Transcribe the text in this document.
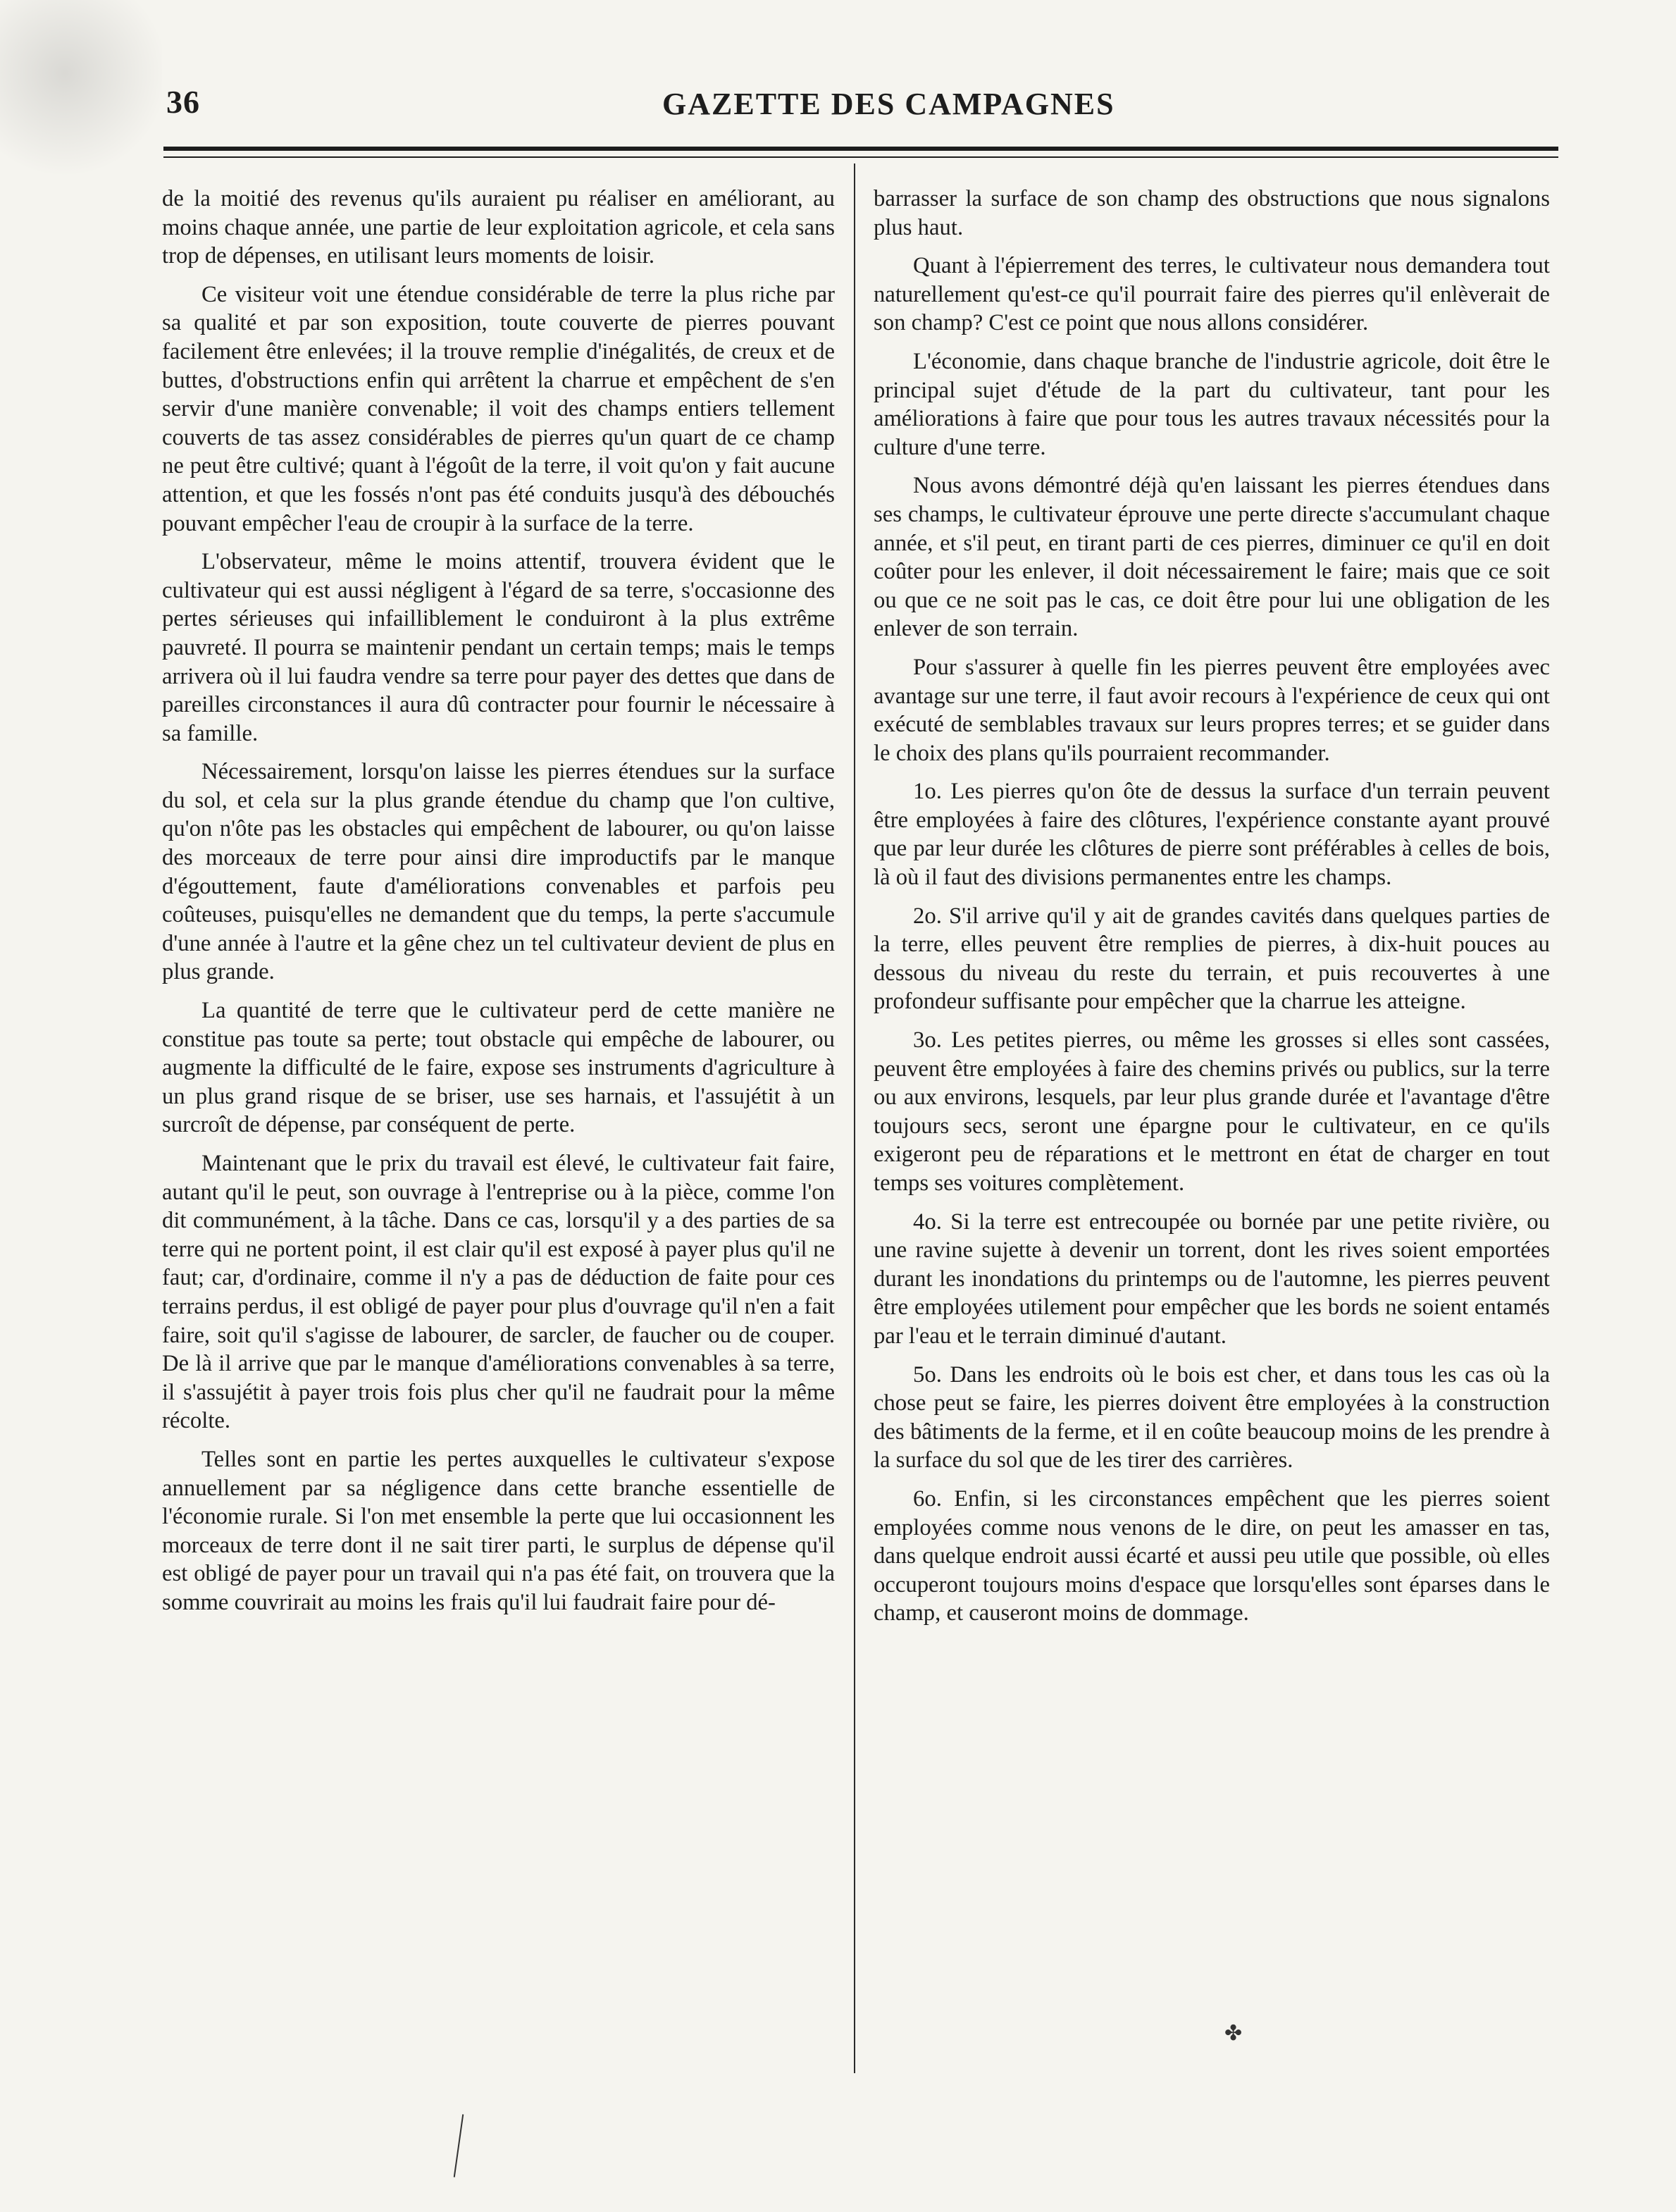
36	GAZETTE DES CAMPAGNES

de la moitié des revenus qu'ils auraient pu réaliser en améliorant, au moins chaque année, une partie de leur exploitation agricole, et cela sans trop de dépenses, en utilisant leurs moments de loisir.

Ce visiteur voit une étendue considérable de terre la plus riche par sa qualité et par son exposition, toute couverte de pierres pouvant facilement être enlevées; il la trouve remplie d'inégalités, de creux et de buttes, d'obstructions enfin qui arrêtent la charrue et empêchent de s'en servir d'une manière convenable; il voit des champs entiers tellement couverts de tas assez considérables de pierres qu'un quart de ce champ ne peut être cultivé; quant à l'égoût de la terre, il voit qu'on y fait aucune attention, et que les fossés n'ont pas été conduits jusqu'à des débouchés pouvant empêcher l'eau de croupir à la surface de la terre.

L'observateur, même le moins attentif, trouvera évident que le cultivateur qui est aussi négligent à l'égard de sa terre, s'occasionne des pertes sérieuses qui infailliblement le conduiront à la plus extrême pauvreté. Il pourra se maintenir pendant un certain temps; mais le temps arrivera où il lui faudra vendre sa terre pour payer des dettes que dans de pareilles circonstances il aura dû contracter pour fournir le nécessaire à sa famille.

Nécessairement, lorsqu'on laisse les pierres étendues sur la surface du sol, et cela sur la plus grande étendue du champ que l'on cultive, qu'on n'ôte pas les obstacles qui empêchent de labourer, ou qu'on laisse des morceaux de terre pour ainsi dire improductifs par le manque d'égouttement, faute d'améliorations convenables et parfois peu coûteuses, puisqu'elles ne demandent que du temps, la perte s'accumule d'une année à l'autre et la gêne chez un tel cultivateur devient de plus en plus grande.

La quantité de terre que le cultivateur perd de cette manière ne constitue pas toute sa perte; tout obstacle qui empêche de labourer, ou augmente la difficulté de le faire, expose ses instruments d'agriculture à un plus grand risque de se briser, use ses harnais, et l'assujétit à un surcroît de dépense, par conséquent de perte.

Maintenant que le prix du travail est élevé, le cultivateur fait faire, autant qu'il le peut, son ouvrage à l'entreprise ou à la pièce, comme l'on dit communément, à la tâche. Dans ce cas, lorsqu'il y a des parties de sa terre qui ne portent point, il est clair qu'il est exposé à payer plus qu'il ne faut; car, d'ordinaire, comme il n'y a pas de déduction de faite pour ces terrains perdus, il est obligé de payer pour plus d'ouvrage qu'il n'en a fait faire, soit qu'il s'agisse de labourer, de sarcler, de faucher ou de couper. De là il arrive que par le manque d'améliorations convenables à sa terre, il s'assujétit à payer trois fois plus cher qu'il ne faudrait pour la même récolte.

Telles sont en partie les pertes auxquelles le cultivateur s'expose annuellement par sa négligence dans cette branche essentielle de l'économie rurale. Si l'on met ensemble la perte que lui occasionnent les morceaux de terre dont il ne sait tirer parti, le surplus de dépense qu'il est obligé de payer pour un travail qui n'a pas été fait, on trouvera que la somme couvrirait au moins les frais qu'il lui faudrait faire pour dé-

barrasser la surface de son champ des obstructions que nous signalons plus haut.

Quant à l'épierrement des terres, le cultivateur nous demandera tout naturellement qu'est-ce qu'il pourrait faire des pierres qu'il enlèverait de son champ? C'est ce point que nous allons considérer.

L'économie, dans chaque branche de l'industrie agricole, doit être le principal sujet d'étude de la part du cultivateur, tant pour les améliorations à faire que pour tous les autres travaux nécessités pour la culture d'une terre.

Nous avons démontré déjà qu'en laissant les pierres étendues dans ses champs, le cultivateur éprouve une perte directe s'accumulant chaque année, et s'il peut, en tirant parti de ces pierres, diminuer ce qu'il en doit coûter pour les enlever, il doit nécessairement le faire; mais que ce soit ou que ce ne soit pas le cas, ce doit être pour lui une obligation de les enlever de son terrain.

Pour s'assurer à quelle fin les pierres peuvent être employées avec avantage sur une terre, il faut avoir recours à l'expérience de ceux qui ont exécuté de semblables travaux sur leurs propres terres; et se guider dans le choix des plans qu'ils pourraient recommander.

1o. Les pierres qu'on ôte de dessus la surface d'un terrain peuvent être employées à faire des clôtures, l'expérience constante ayant prouvé que par leur durée les clôtures de pierre sont préférables à celles de bois, là où il faut des divisions permanentes entre les champs.

2o. S'il arrive qu'il y ait de grandes cavités dans quelques parties de la terre, elles peuvent être remplies de pierres, à dix-huit pouces au dessous du niveau du reste du terrain, et puis recouvertes à une profondeur suffisante pour empêcher que la charrue les atteigne.

3o. Les petites pierres, ou même les grosses si elles sont cassées, peuvent être employées à faire des chemins privés ou publics, sur la terre ou aux environs, lesquels, par leur plus grande durée et l'avantage d'être toujours secs, seront une épargne pour le cultivateur, en ce qu'ils exigeront peu de réparations et le mettront en état de charger en tout temps ses voitures complètement.

4o. Si la terre est entrecoupée ou bornée par une petite rivière, ou une ravine sujette à devenir un torrent, dont les rives soient emportées durant les inondations du printemps ou de l'automne, les pierres peuvent être employées utilement pour empêcher que les bords ne soient entamés par l'eau et le terrain diminué d'autant.

5o. Dans les endroits où le bois est cher, et dans tous les cas où la chose peut se faire, les pierres doivent être employées à la construction des bâtiments de la ferme, et il en coûte beaucoup moins de les prendre à la surface du sol que de les tirer des carrières.

6o. Enfin, si les circonstances empêchent que les pierres soient employées comme nous venons de le dire, on peut les amasser en tas, dans quelque endroit aussi écarté et aussi peu utile que possible, où elles occuperont toujours moins d'espace que lorsqu'elles sont éparses dans le champ, et causeront moins de dommage.

✤
